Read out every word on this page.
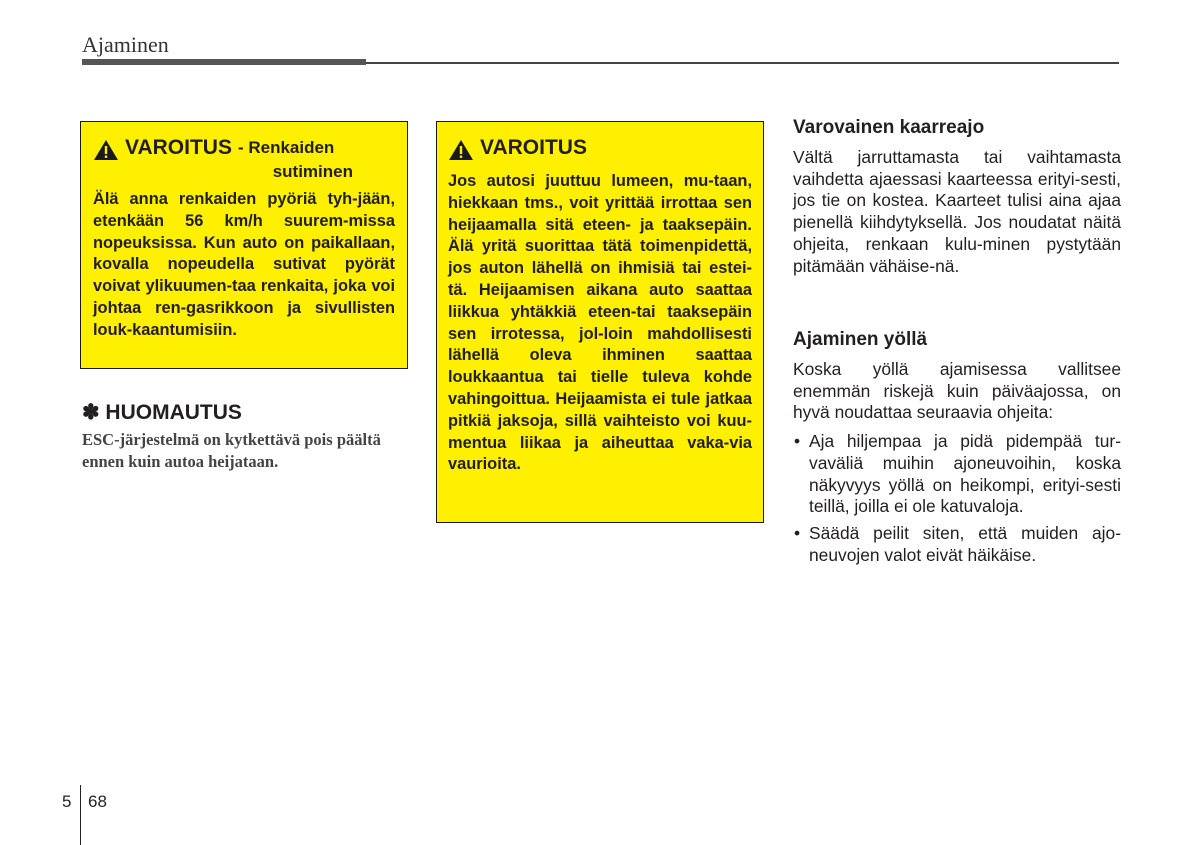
Ajaminen
VAROITUS - Renkaiden
sutiminen
Älä anna renkaiden pyöriä tyh-jään, etenkään 56 km/h suurem-missa nopeuksissa. Kun auto on paikallaan, kovalla nopeudella sutivat pyörät voivat ylikuumen-taa renkaita, joka voi johtaa ren-gasrikkoon ja sivullisten louk-kaantumisiin.
✽ HUOMAUTUS
ESC-järjestelmä on kytkettävä pois päältä ennen kuin autoa heijataan.
VAROITUS
Jos autosi juuttuu lumeen, mu-taan, hiekkaan tms., voit yrittää irrottaa sen heijaamalla sitä eteen- ja taaksepäin. Älä yritä suorittaa tätä toimenpidettä, jos auton lähellä on ihmisiä tai estei-tä. Heijaamisen aikana auto saattaa liikkua yhtäkkiä eteen-tai taaksepäin sen irrotessa, jol-loin mahdollisesti lähellä oleva ihminen saattaa loukkaantua tai tielle tuleva kohde vahingoittua. Heijaamista ei tule jatkaa pitkiä jaksoja, sillä vaihteisto voi kuu-mentua liikaa ja aiheuttaa vaka-via vaurioita.
Varovainen kaarreajo
Vältä jarruttamasta tai vaihtamasta vaihdetta ajaessasi kaarteessa erityi-sesti, jos tie on kostea. Kaarteet tulisi aina ajaa pienellä kiihdytyksellä. Jos noudatat näitä ohjeita, renkaan kulu-minen pystytään pitämään vähäise-nä.
Ajaminen yöllä
Koska yöllä ajamisessa vallitsee enemmän riskejä kuin päiväajossa, on hyvä noudattaa seuraavia ohjeita:
• Aja hiljempaa ja pidä pidempää tur-vaväliä muihin ajoneuvoihin, koska näkyvyys yöllä on heikompi, erityi-sesti teillä, joilla ei ole katuvaloja.
• Säädä peilit siten, että muiden ajo-neuvojen valot eivät häikäise.
5 68
